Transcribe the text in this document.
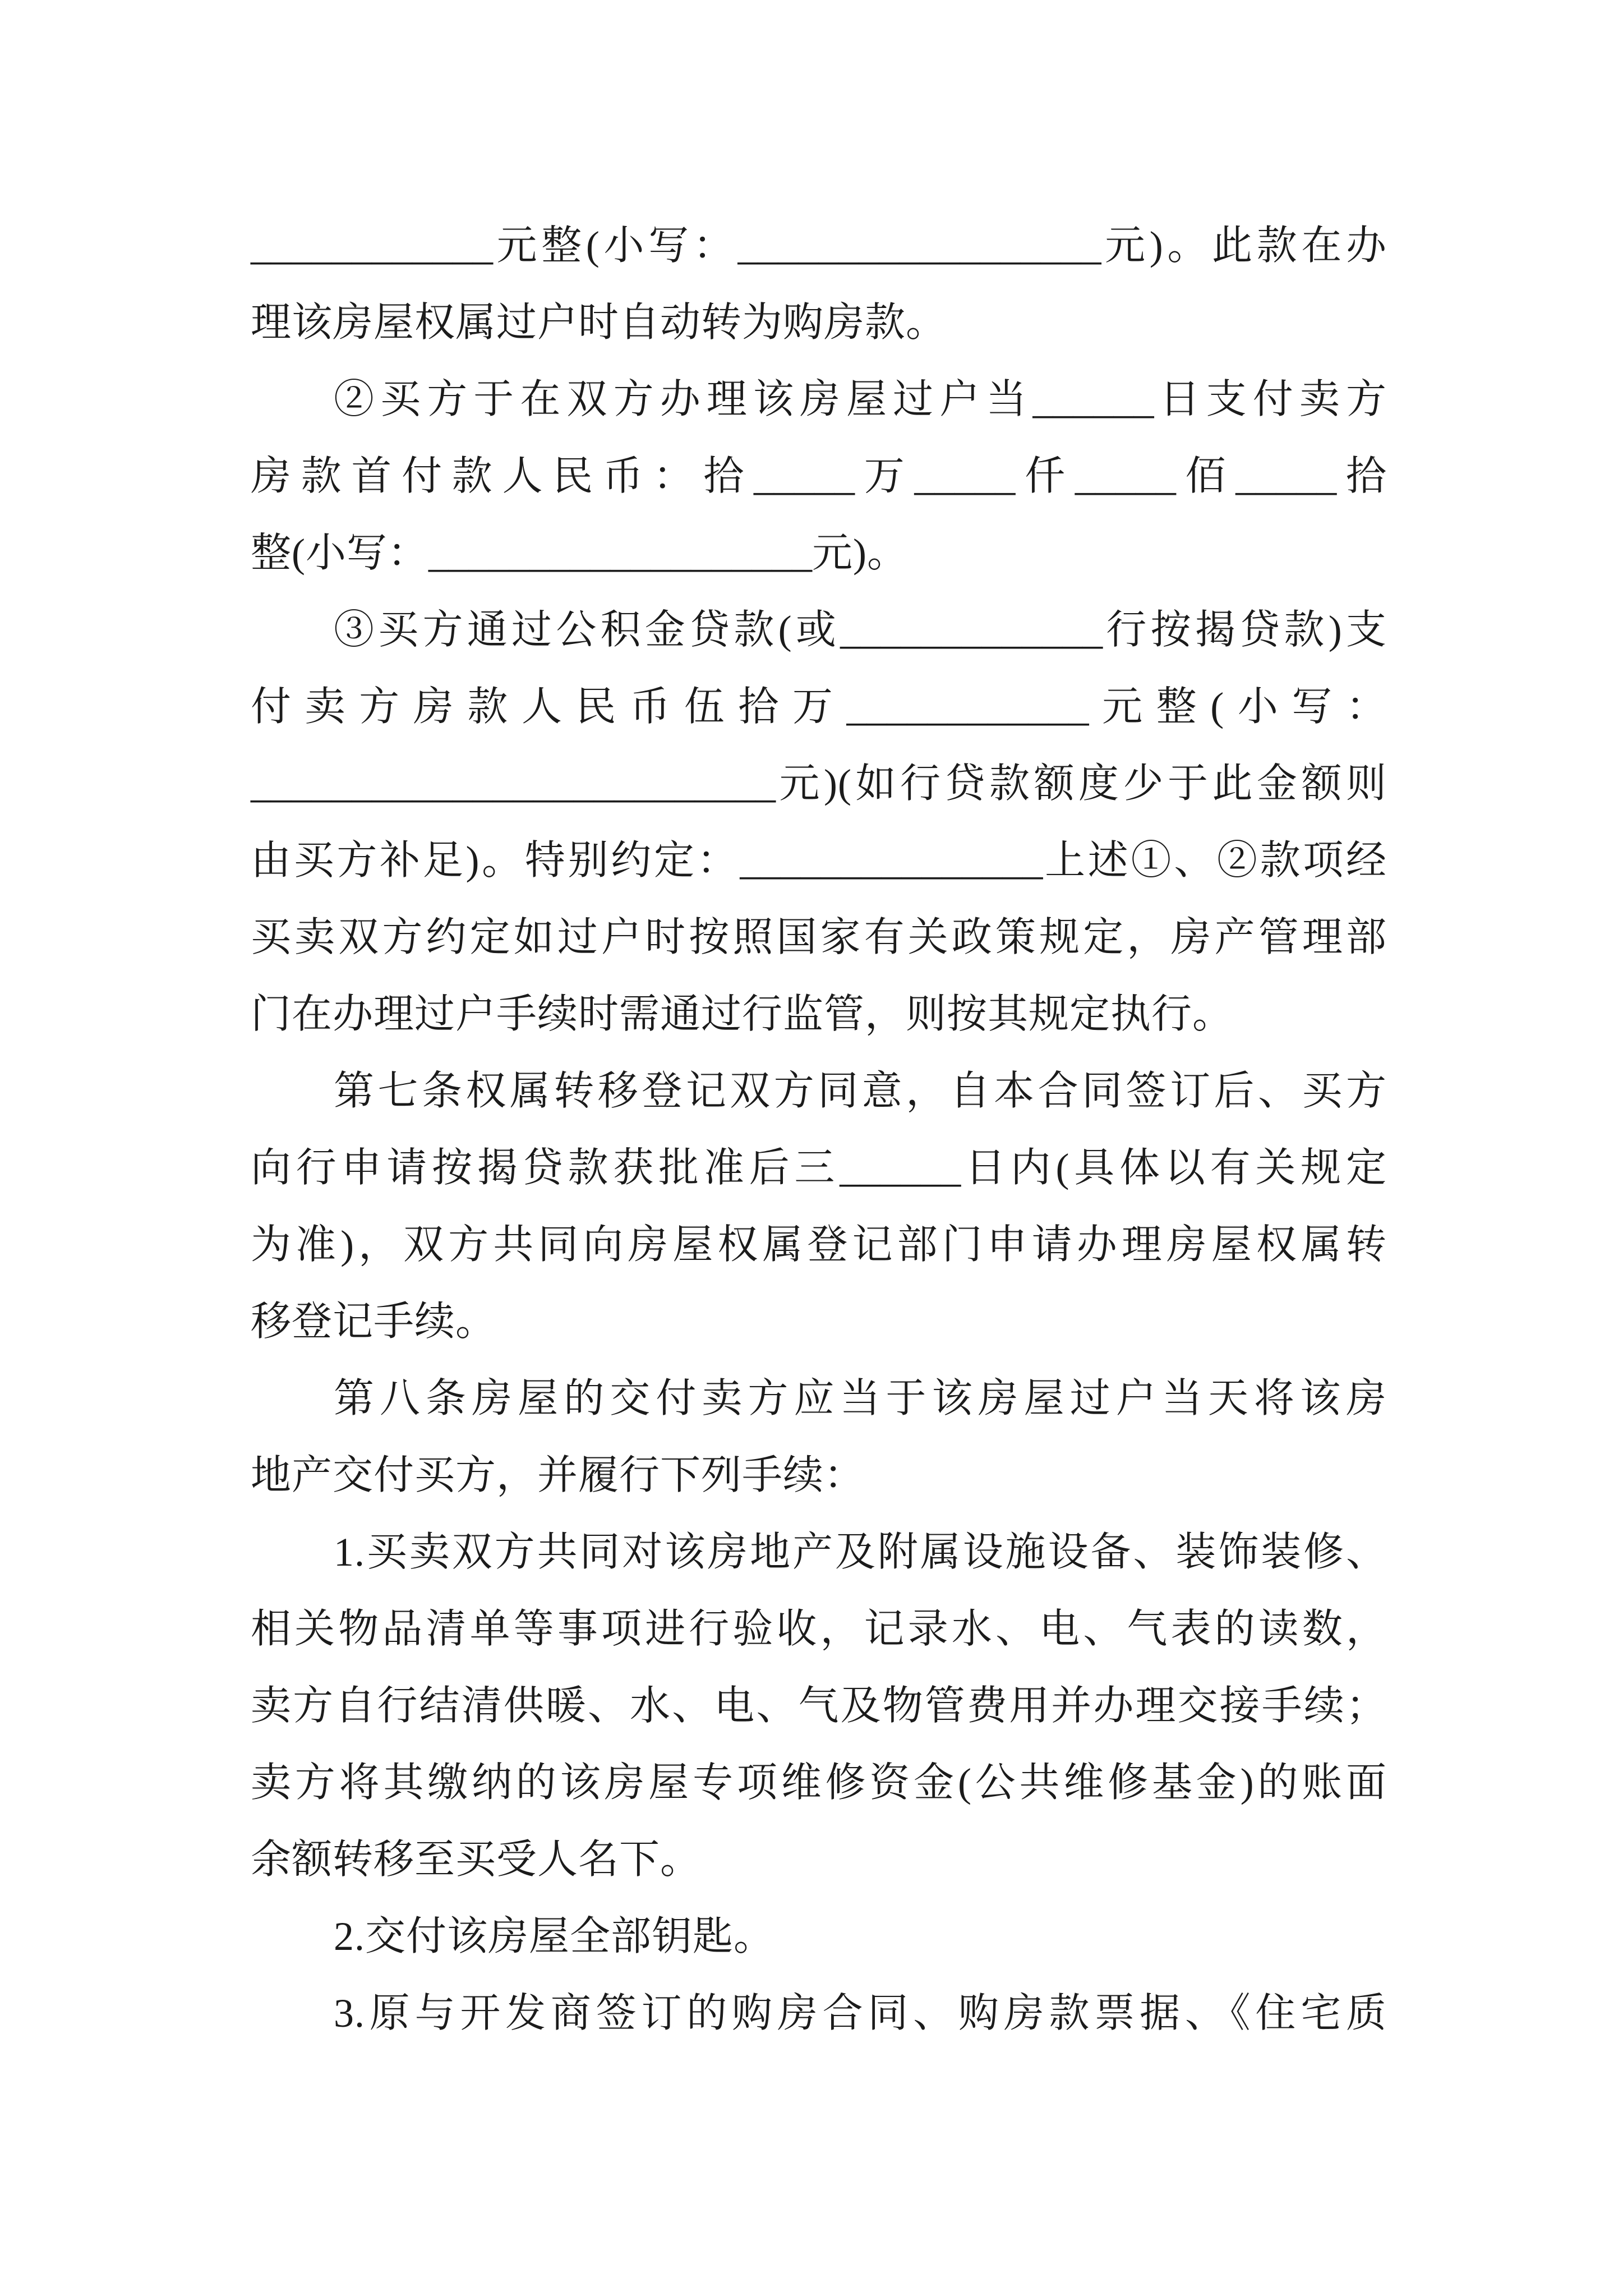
____________元整(小写：__________________元)。此款在办
理该房屋权属过户时自动转为购房款。
②买方于在双方办理该房屋过户当______日支付卖方
房款首付款人民币：拾_____万_____仟_____佰_____拾
整(小写：___________________元)。
③买方通过公积金贷款(或_____________行按揭贷款)支
付卖方房款人民币伍拾万____________元整(小写：
__________________________元)(如行贷款额度少于此金额则
由买方补足)。特别约定：_______________上述①、②款项经
买卖双方约定如过户时按照国家有关政策规定，房产管理部
门在办理过户手续时需通过行监管，则按其规定执行。
第七条权属转移登记双方同意，自本合同签订后、买方
向行申请按揭贷款获批准后三______日内(具体以有关规定
为准)，双方共同向房屋权属登记部门申请办理房屋权属转
移登记手续。
第八条房屋的交付卖方应当于该房屋过户当天将该房
地产交付买方，并履行下列手续：
1.买卖双方共同对该房地产及附属设施设备、装饰装修、
相关物品清单等事项进行验收，记录水、电、气表的读数，
卖方自行结清供暖、水、电、气及物管费用并办理交接手续；
卖方将其缴纳的该房屋专项维修资金(公共维修基金)的账面
余额转移至买受人名下。
2.交付该房屋全部钥匙。
3.原与开发商签订的购房合同、购房款票据、《住宅质
